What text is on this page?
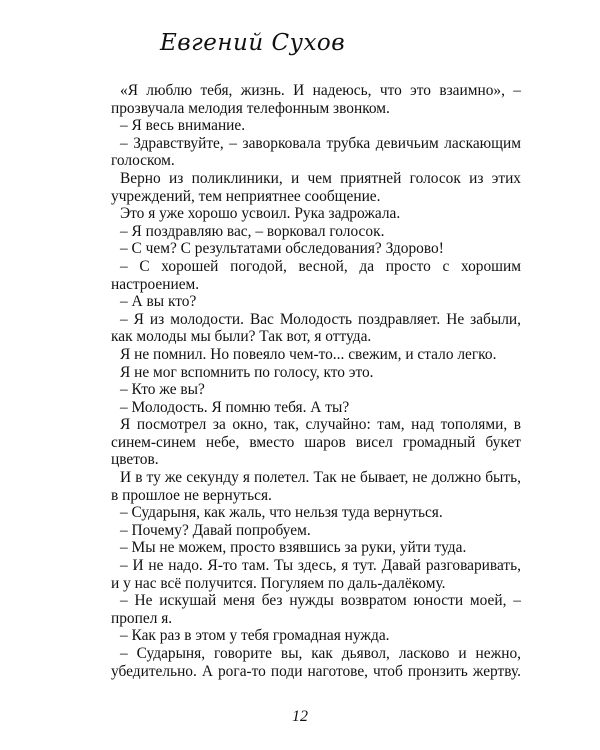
Евгений Сухов

«Я люблю тебя, жизнь. И надеюсь, что это взаимно», – прозвучала мелодия телефонным звонком.

– Я весь внимание.

– Здравствуйте, – заворковала трубка девичьим ласкающим голоском.

Верно из поликлиники, и чем приятней голосок из этих учреждений, тем неприятнее сообщение.

Это я уже хорошо усвоил. Рука задрожала.

– Я поздравляю вас, – ворковал голосок.

– С чем? С результатами обследования? Здорово!

– С хорошей погодой, весной, да просто с хорошим настроением.

– А вы кто?

– Я из молодости. Вас Молодость поздравляет. Не забыли, как молоды мы были? Так вот, я оттуда.

Я не помнил. Но повеяло чем-то... свежим, и стало легко.

Я не мог вспомнить по голосу, кто это.

– Кто же вы?

– Молодость. Я помню тебя. А ты?

Я посмотрел за окно, так, случайно: там, над тополями, в синем-синем небе, вместо шаров висел громадный букет цветов.

И в ту же секунду я полетел. Так не бывает, не должно быть, в прошлое не вернуться.

– Сударыня, как жаль, что нельзя туда вернуться.

– Почему? Давай попробуем.

– Мы не можем, просто взявшись за руки, уйти туда.

– И не надо. Я-то там. Ты здесь, я тут. Давай разговаривать, и у нас всё получится. Погуляем по даль-далёкому.

– Не искушай меня без нужды возвратом юности моей, – пропел я.

– Как раз в этом у тебя громадная нужда.

– Сударыня, говорите вы, как дьявол, ласково и нежно, убедительно. А рога-то поди наготове, чтоб пронзить жертву.

12
